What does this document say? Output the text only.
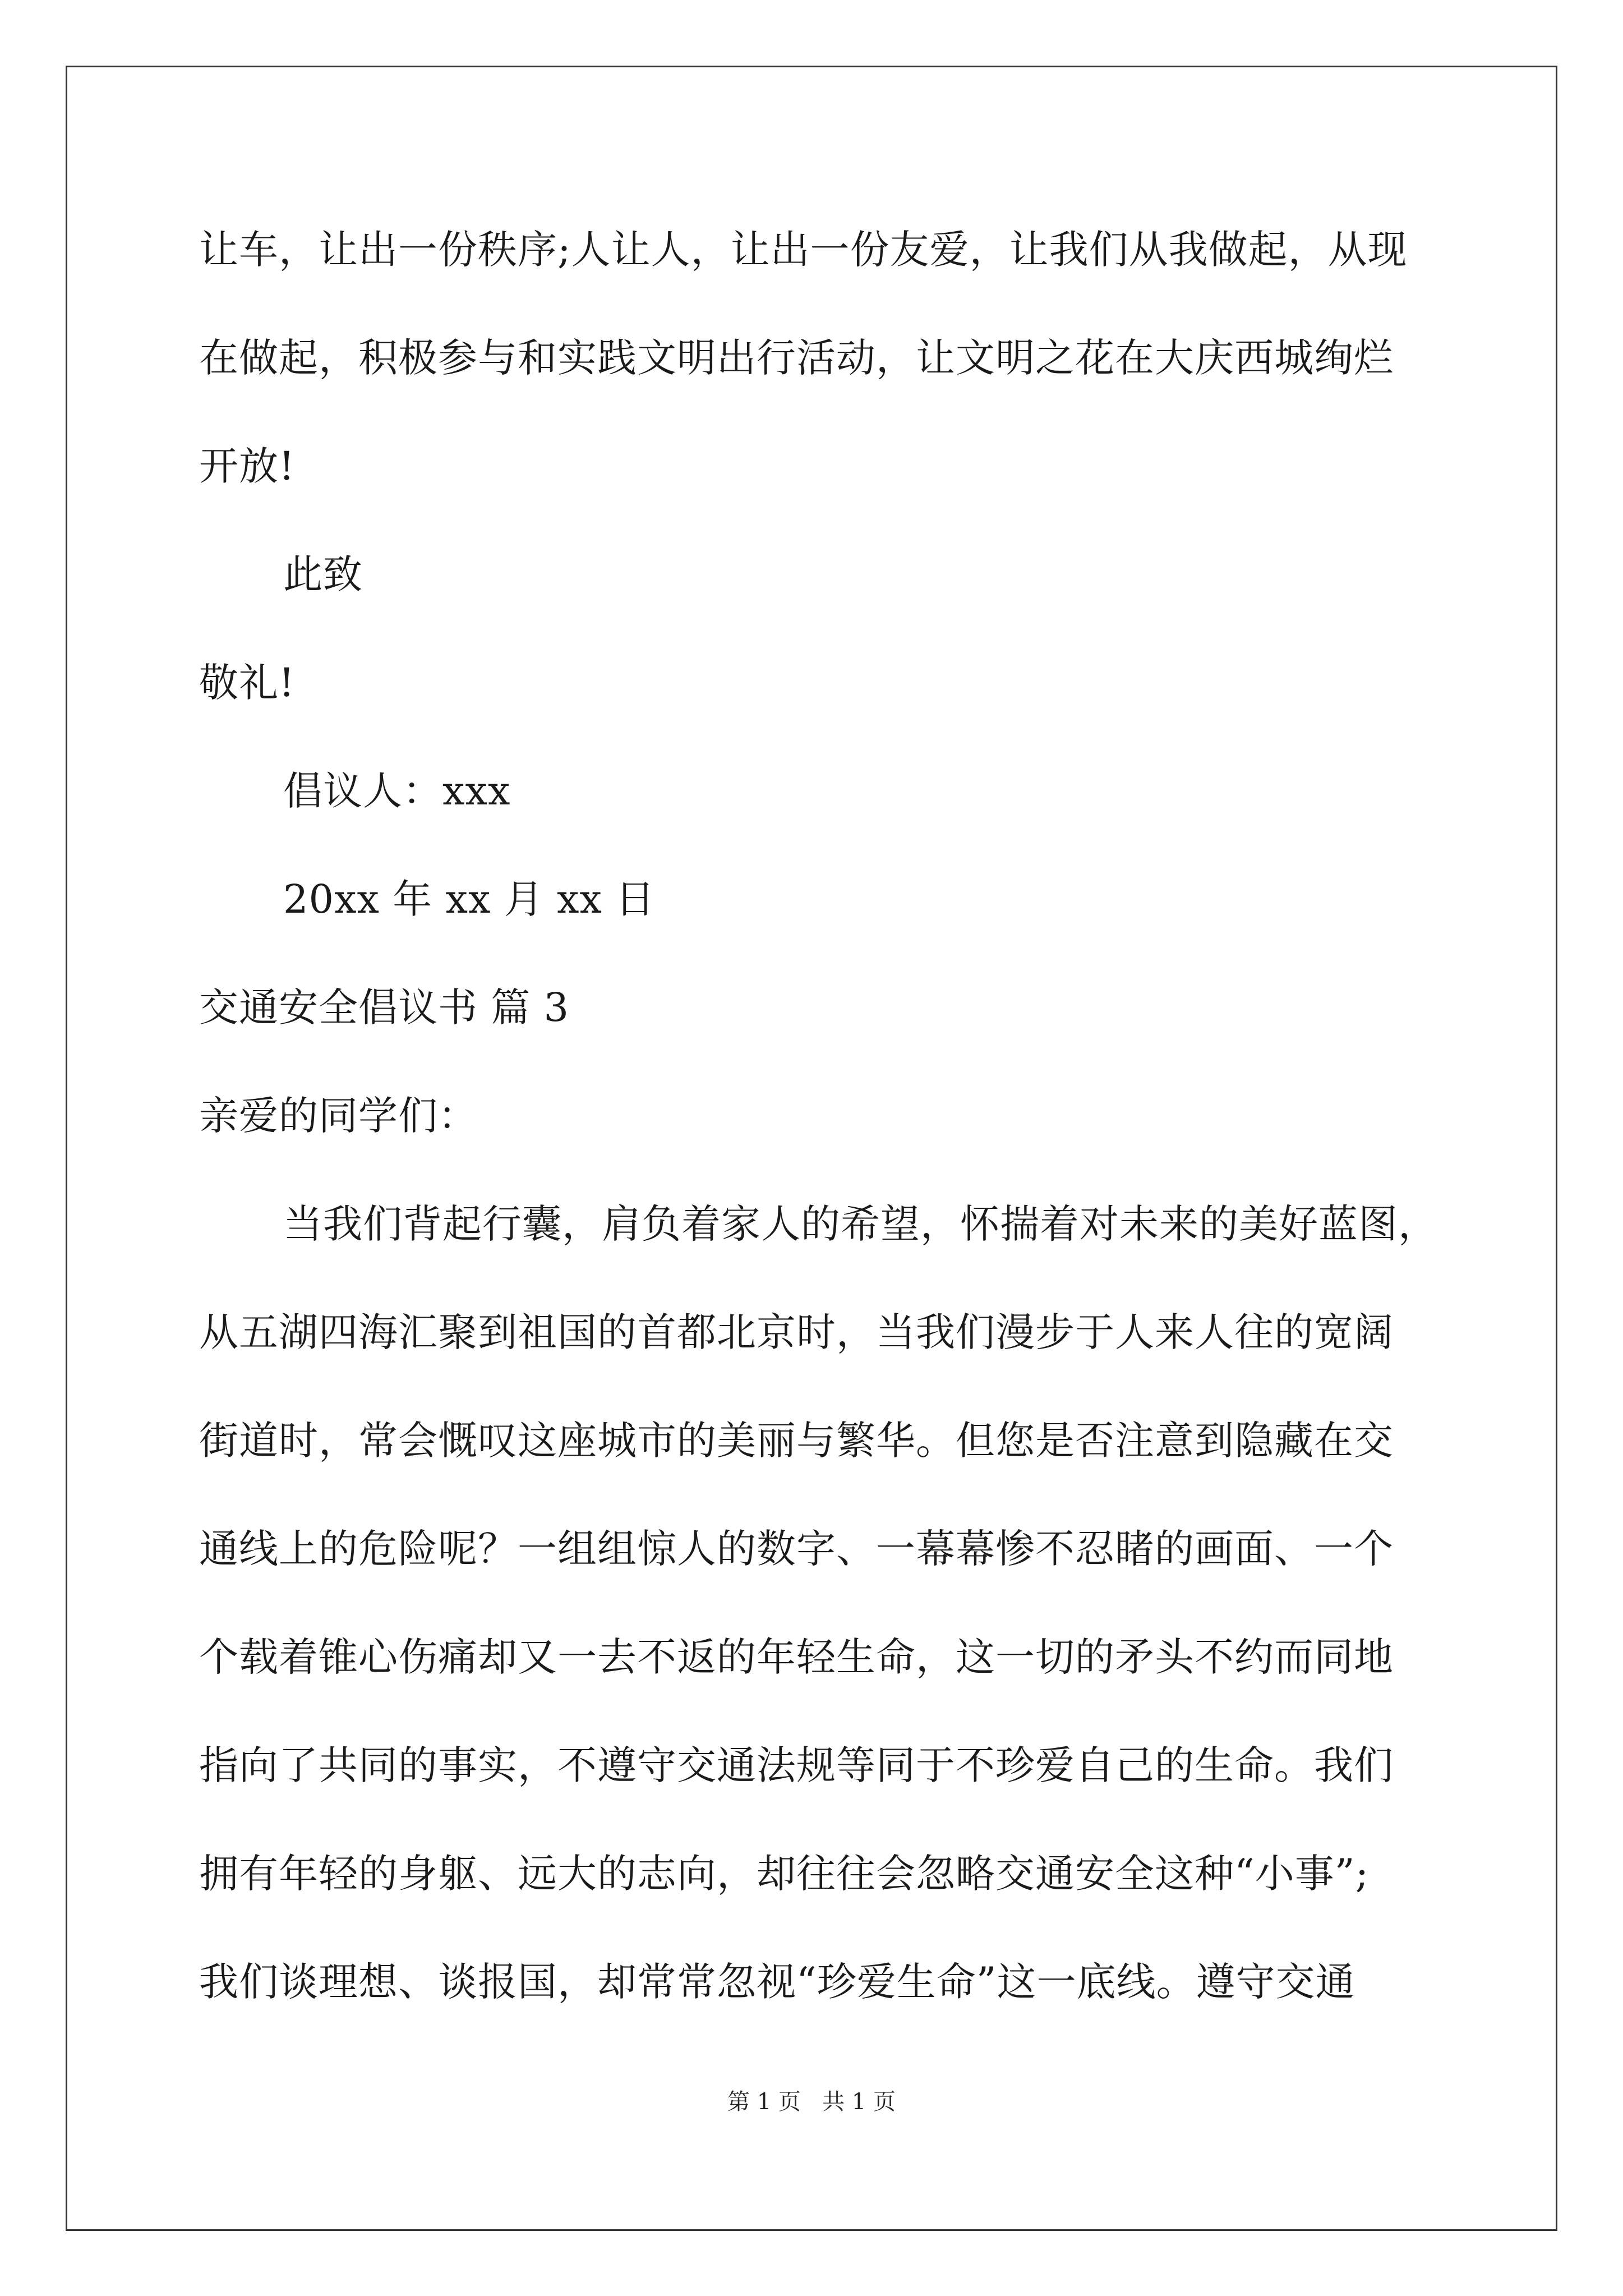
让车，让出一份秩序;人让人，让出一份友爱，让我们从我做起，从现
在做起，积极参与和实践文明出行活动，让文明之花在大庆西城绚烂
开放!
此致
敬礼!
倡议人：xxx
20xx 年 xx 月 xx 日
交通安全倡议书 篇 3
亲爱的同学们：
当我们背起行囊，肩负着家人的希望，怀揣着对未来的美好蓝图，
从五湖四海汇聚到祖国的首都北京时，当我们漫步于人来人往的宽阔
街道时，常会慨叹这座城市的美丽与繁华。但您是否注意到隐藏在交
通线上的危险呢？一组组惊人的数字、一幕幕惨不忍睹的画面、一个
个载着锥心伤痛却又一去不返的年轻生命，这一切的矛头不约而同地
指向了共同的事实，不遵守交通法规等同于不珍爱自己的生命。我们
拥有年轻的身躯、远大的志向，却往往会忽略交通安全这种“小事”;
我们谈理想、谈报国，却常常忽视“珍爱生命”这一底线。遵守交通
第 1 页   共 1 页
